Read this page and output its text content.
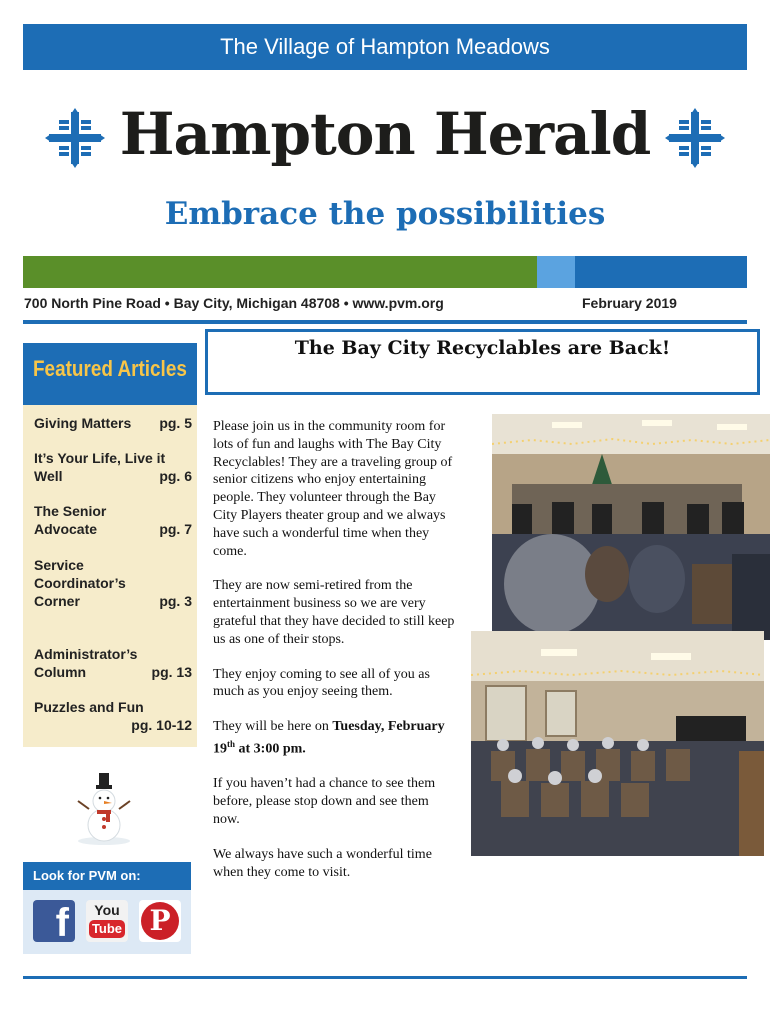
The Village of Hampton Meadows
Hampton Herald
Embrace the possibilities
700 North Pine Road • Bay City, Michigan 48708 • www.pvm.org	February 2019
Featured Articles
Giving Matters pg. 5
It’s Your Life, Live it
Well	pg. 6
The Senior
Advocate	pg. 7
Service
Coordinator’s
Corner	pg. 3
Administrator’s
Column	pg. 13
Puzzles and Fun
pg. 10-12
Look for PVM on:
f	You
Tube P
The Bay City Recyclables are Back!

Please join us in the community room for lots of fun and laughs with The Bay City Recyclables! They are a traveling group of senior citizens who enjoy entertaining people. They volunteer through the Bay City Players theater group and we always have such a wonderful time when they come.

They are now semi-retired from the entertainment business so we are very grateful that they have decided to still keep us as one of their stops.

They enjoy coming to see all of you as much as you enjoy seeing them.

They will be here on Tuesday, February 19th at 3:00 pm.

If you haven’t had a chance to see them before, please stop down and see them now.

We always have such a wonderful time when they come to visit.
